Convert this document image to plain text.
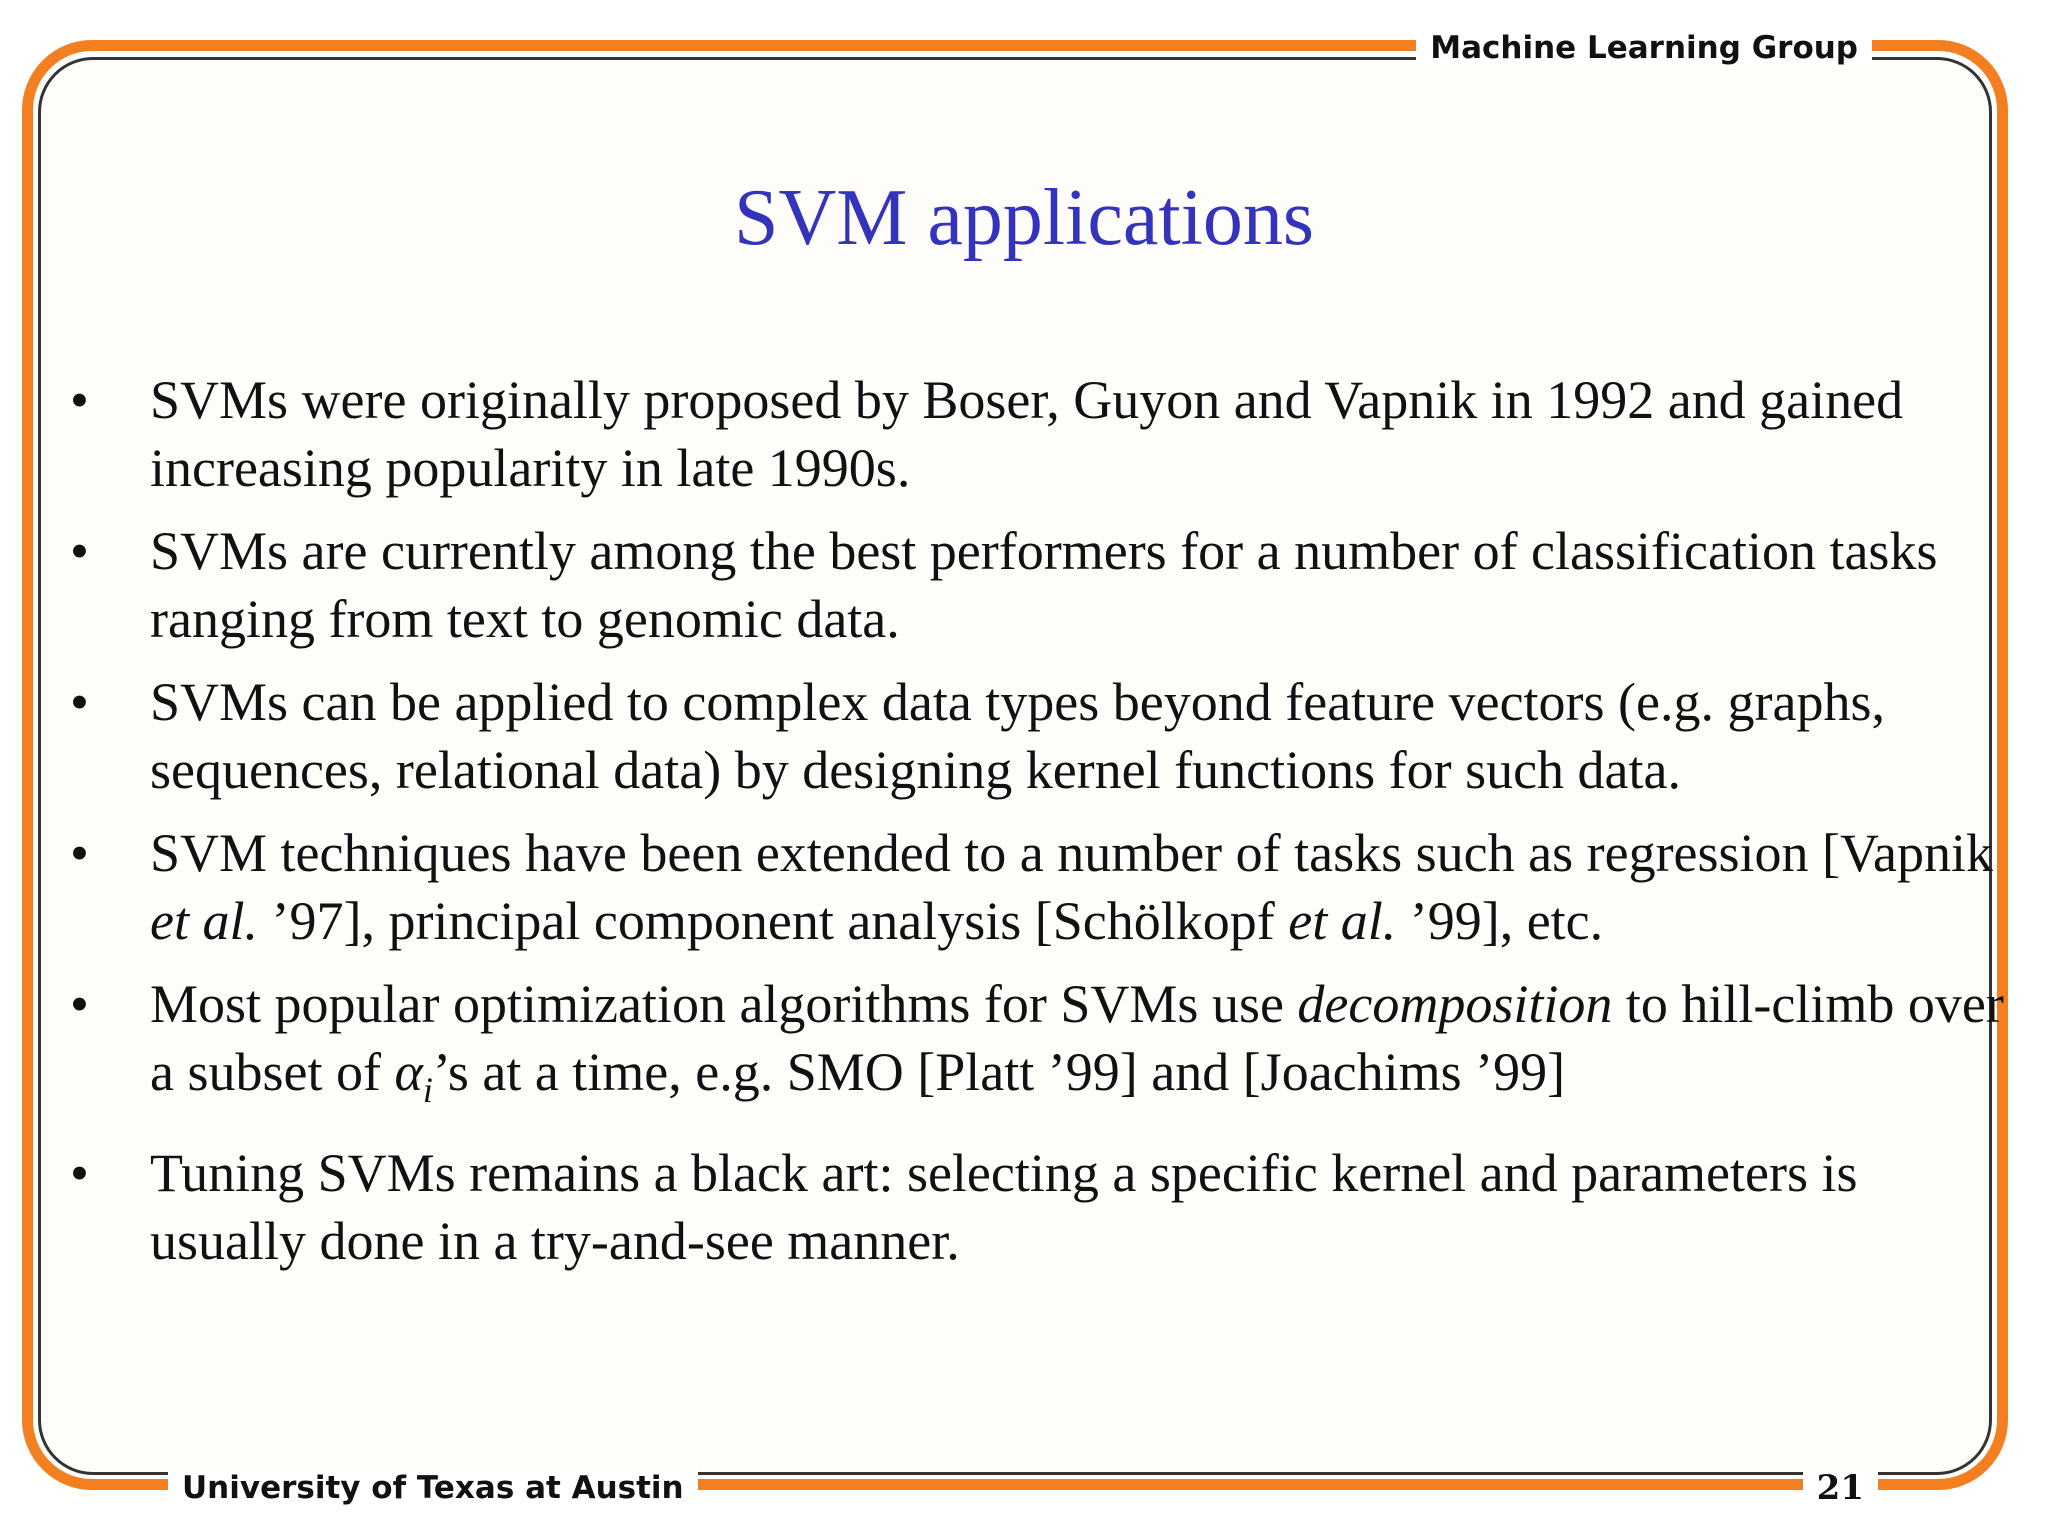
Machine Learning Group
SVM applications
•	SVMs were originally proposed by Boser, Guyon and Vapnik in 1992 and gained increasing popularity in late 1990s.
•	SVMs are currently among the best performers for a number of classification tasks ranging from text to genomic data.
•	SVMs can be applied to complex data types beyond feature vectors (e.g. graphs, sequences, relational data) by designing kernel functions for such data.
•	SVM techniques have been extended to a number of tasks such as regression [Vapnik et al. ’97], principal component analysis [Schölkopf et al. ’99], etc.
•	Most popular optimization algorithms for SVMs use decomposition to hill-climb over a subset of $\alpha_i’s$ at a time, e.g. SMO [Platt ’99] and [Joachims ’99]
•	Tuning SVMs remains a black art: selecting a specific kernel and parameters is usually done in a try-and-see manner.
University of Texas at Austin	21
